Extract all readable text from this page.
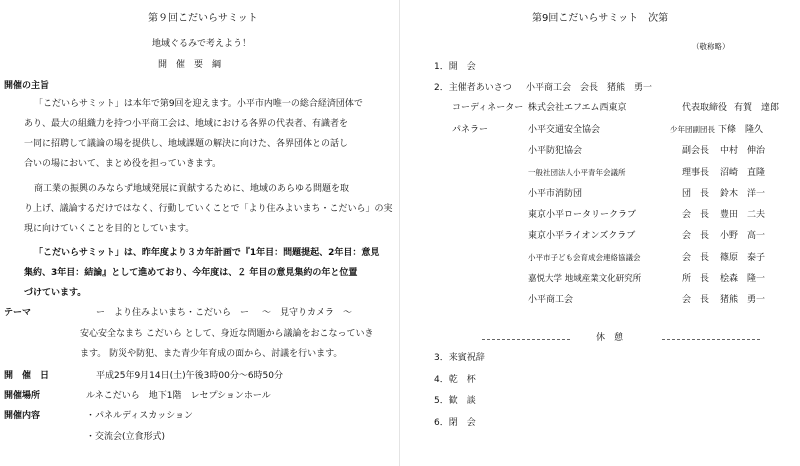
第９回こだいらサミット
地域ぐるみで考えよう！
開　催　要　綱
開催の主旨
「こだいらサミット」は本年で第9回を迎えます。小平市内唯一の総合経済団体で
あり、最大の組織力を持つ小平商工会は、地域における各界の代表者、有識者を
一同に招聘して議論の場を提供し、地域課題の解決に向けた、各界団体との話し
合いの場において、まとめ役を担っていきます。
商工業の振興のみならず地域発展に貢献するために、地域のあらゆる問題を取
り上げ、議論するだけではなく、行動していくことで「より住みよいまち・こだいら」の実
現に向けていくことを目的としています。
「こだいらサミット」は、昨年度より３カ年計画で『1年目：問題提起、2年目：意見
集約、3年目：結論』として進めており、今年度は、２ 年目の意見集約の年と位置
づけています。
テーマ	ー　より住みよいまち・こだいら　ー ～　見守りカメラ　～
安心安全なまち こだいら として、身近な問題から議論をおこなっていき
ます。 防災や防犯、また青少年育成の面から、討議を行います。
開　催　日	平成25年9月14日(土)午後3時00分～6時50分
開催場所	ルネこだいら　地下1階　レセプションホール
開催内容	・パネルディスカッション
・交流会(立食形式)
第9回こだいらサミット　次第
（敬称略）
1．開　会
2．主催者あいさつ 小平商工会　会長　猪熊　勇一
コーディネーター 株式会社エフエム西東京	代表取締役 有賀　達郎
パネラー	小平交通安全協会	少年団副団長 下條　隆久
小平防犯協会	副会長 中村　伸治
一般社団法人小平青年会議所	理事長 沼崎　直隆
小平市消防団	団　長 鈴木　洋一
東京小平ロータリークラブ	会　長 豊田　二夫
東京小平ライオンズクラブ	会　長 小野　高一
小平市子ども会育成会連絡協議会	会　長 篠原　泰子
嘉悦大学 地域産業文化研究所	所　長 桧森　隆一
小平商工会	会　長 猪熊　勇一
休　憩
3．来賓祝辞
4．乾　杯
5．歓　談
6．閉　会
